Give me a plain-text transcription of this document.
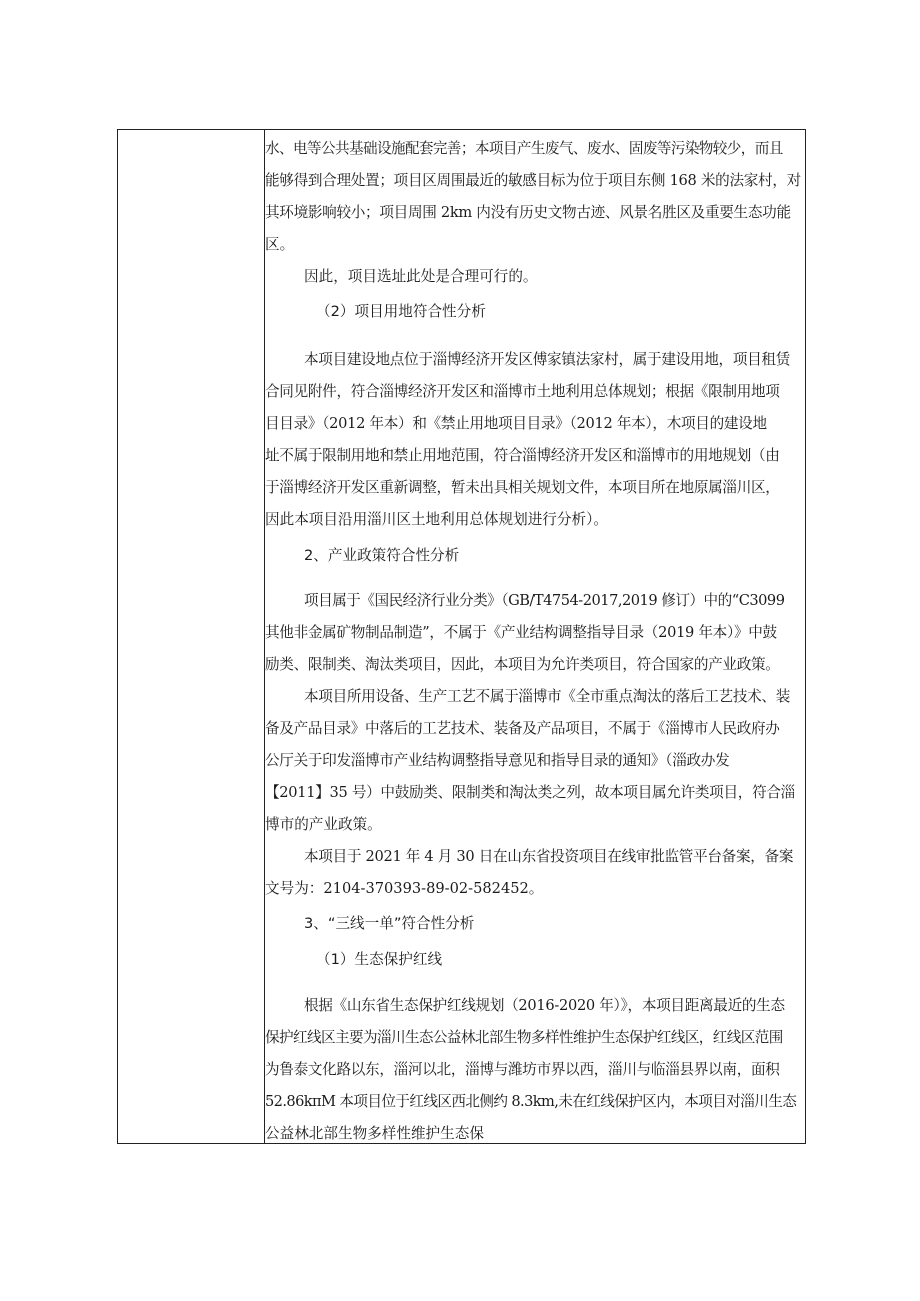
水、电等公共基础设施配套完善；本项目产生废气、废水、固废等污染物较少，而且
能够得到合理处置；项目区周围最近的敏感目标为位于项目东侧 168 米的法家村，对
其环境影响较小；项目周围 2km 内没有历史文物古迹、风景名胜区及重要生态功能
区。
因此，项目选址此处是合理可行的。
（2）项目用地符合性分析
本项目建设地点位于淄博经济开发区傅家镇法家村，属于建设用地，项目租赁
合同见附件，符合淄博经济开发区和淄博市土地利用总体规划；根据《限制用地项
目目录》（2012 年本）和《禁止用地项目目录》（2012 年本），木项目的建设地
址不属于限制用地和禁止用地范围，符合淄博经济开发区和淄博市的用地规划（由
于淄博经济开发区重新调整，暂未出具相关规划文件，本项目所在地原属淄川区，
因此本项目沿用淄川区土地利用总体规划进行分析）。
2、产业政策符合性分析
项目属于《国民经济行业分类》（GB/T4754-2017,2019 修订）中的“C3099
其他非金属矿物制品制造”，不属于《产业结构调整指导目录（2019 年本）》中鼓
励类、限制类、淘汰类项目，因此，本项目为允许类项目，符合国家的产业政策。
本项目所用设备、生产工艺不属于淄博市《全市重点淘汰的落后工艺技术、装
备及产品目录》中落后的工艺技术、装备及产品项目，不属于《淄博市人民政府办
公厅关于印发淄博市产业结构调整指导意见和指导目录的通知》（淄政办发
【2011】35 号）中鼓励类、限制类和淘汰类之列，故本项目属允许类项目，符合淄
博市的产业政策。
本项目于 2021 年 4 月 30 日在山东省投资项目在线审批监管平台备案，备案
文号为：2104-370393-89-02-582452。
3、“三线一单”符合性分析
（1）生态保护红线
根据《山东省生态保护红线规划（2016-2020 年）》，本项目距离最近的生态
保护红线区主要为淄川生态公益林北部生物多样性维护生态保护红线区，红线区范围
为鲁泰文化路以东，淄河以北，淄博与潍坊市界以西，淄川与临淄县界以南，面积
52.86kπM 本项目位于红线区西北侧约 8.3km,未在红线保护区内，本项目对淄川生态
公益林北部生物多样性维护生态保
